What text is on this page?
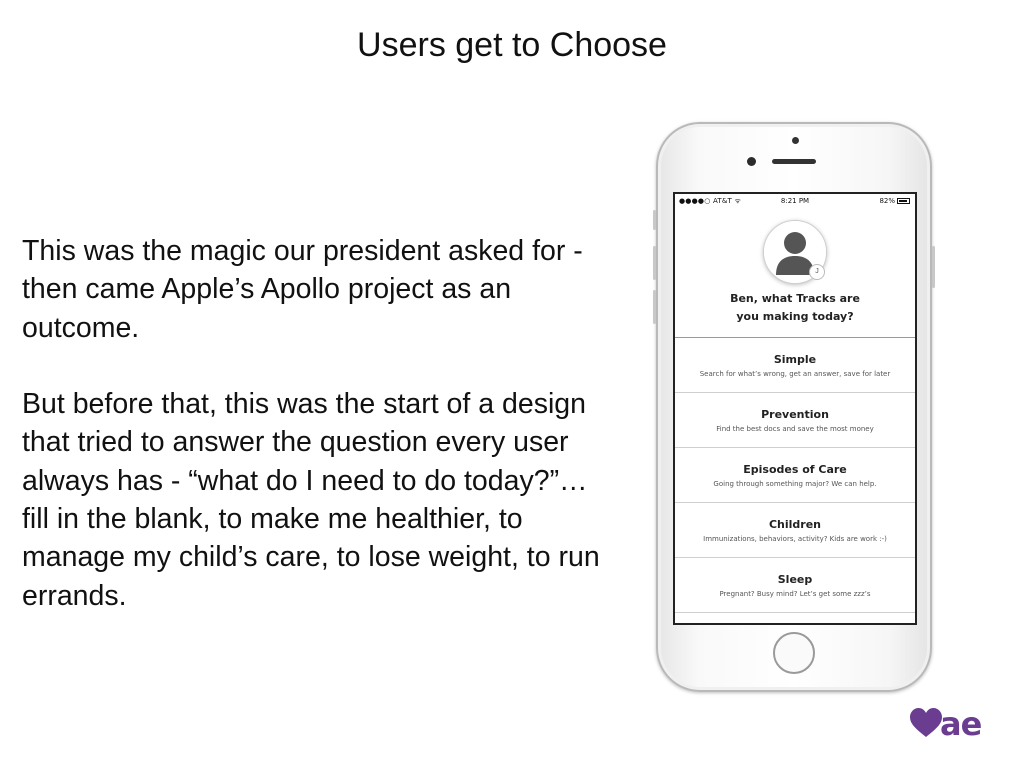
Users get to Choose

This was the magic our president asked for - then came Apple’s Apollo project as an outcome.

But before that, this was the start of a design that tried to answer the question every user always has - “what do I need to do today?”…fill in the blank, to make me healthier, to manage my child’s care, to lose weight, to run errands.

●●●●○ AT&T ᯤ	8:21 PM	82%
J
Ben, what Tracks are
you making today?
Simple
Search for what’s wrong, get an answer, save for later
Prevention
Find the best docs and save the most money
Episodes of Care
Going through something major? We can help.
Children
Immunizations, behaviors, activity? Kids are work :-)
Sleep
Pregnant? Busy mind? Let’s get some zzz’s
ae
